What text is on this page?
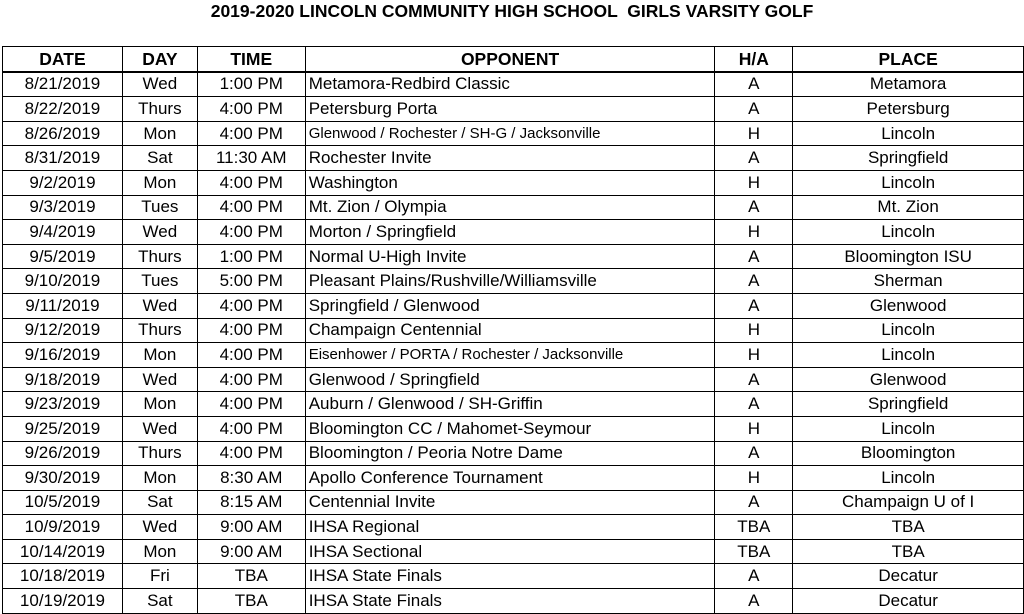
2019-2020 LINCOLN COMMUNITY HIGH SCHOOL  GIRLS VARSITY GOLF
DATE	DAY	TIME	OPPONENT	H/A	PLACE
8/21/2019	Wed	1:00 PM	Metamora-Redbird Classic	A	Metamora
8/22/2019	Thurs	4:00 PM	Petersburg Porta	A	Petersburg
8/26/2019	Mon	4:00 PM	Glenwood / Rochester / SH-G / Jacksonville	H	Lincoln
8/31/2019	Sat	11:30 AM	Rochester Invite	A	Springfield
9/2/2019	Mon	4:00 PM	Washington	H	Lincoln
9/3/2019	Tues	4:00 PM	Mt. Zion / Olympia	A	Mt. Zion
9/4/2019	Wed	4:00 PM	Morton / Springfield	H	Lincoln
9/5/2019	Thurs	1:00 PM	Normal U-High Invite	A	Bloomington ISU
9/10/2019	Tues	5:00 PM	Pleasant Plains/Rushville/Williamsville	A	Sherman
9/11/2019	Wed	4:00 PM	Springfield / Glenwood	A	Glenwood
9/12/2019	Thurs	4:00 PM	Champaign Centennial	H	Lincoln
9/16/2019	Mon	4:00 PM	Eisenhower / PORTA / Rochester / Jacksonville	H	Lincoln
9/18/2019	Wed	4:00 PM	Glenwood / Springfield	A	Glenwood
9/23/2019	Mon	4:00 PM	Auburn / Glenwood / SH-Griffin	A	Springfield
9/25/2019	Wed	4:00 PM	Bloomington CC / Mahomet-Seymour	H	Lincoln
9/26/2019	Thurs	4:00 PM	Bloomington / Peoria Notre Dame	A	Bloomington
9/30/2019	Mon	8:30 AM	Apollo Conference Tournament	H	Lincoln
10/5/2019	Sat	8:15 AM	Centennial Invite	A	Champaign U of I
10/9/2019	Wed	9:00 AM	IHSA Regional	TBA	TBA
10/14/2019	Mon	9:00 AM	IHSA Sectional	TBA	TBA
10/18/2019	Fri	TBA	IHSA State Finals	A	Decatur
10/19/2019	Sat	TBA	IHSA State Finals	A	Decatur
